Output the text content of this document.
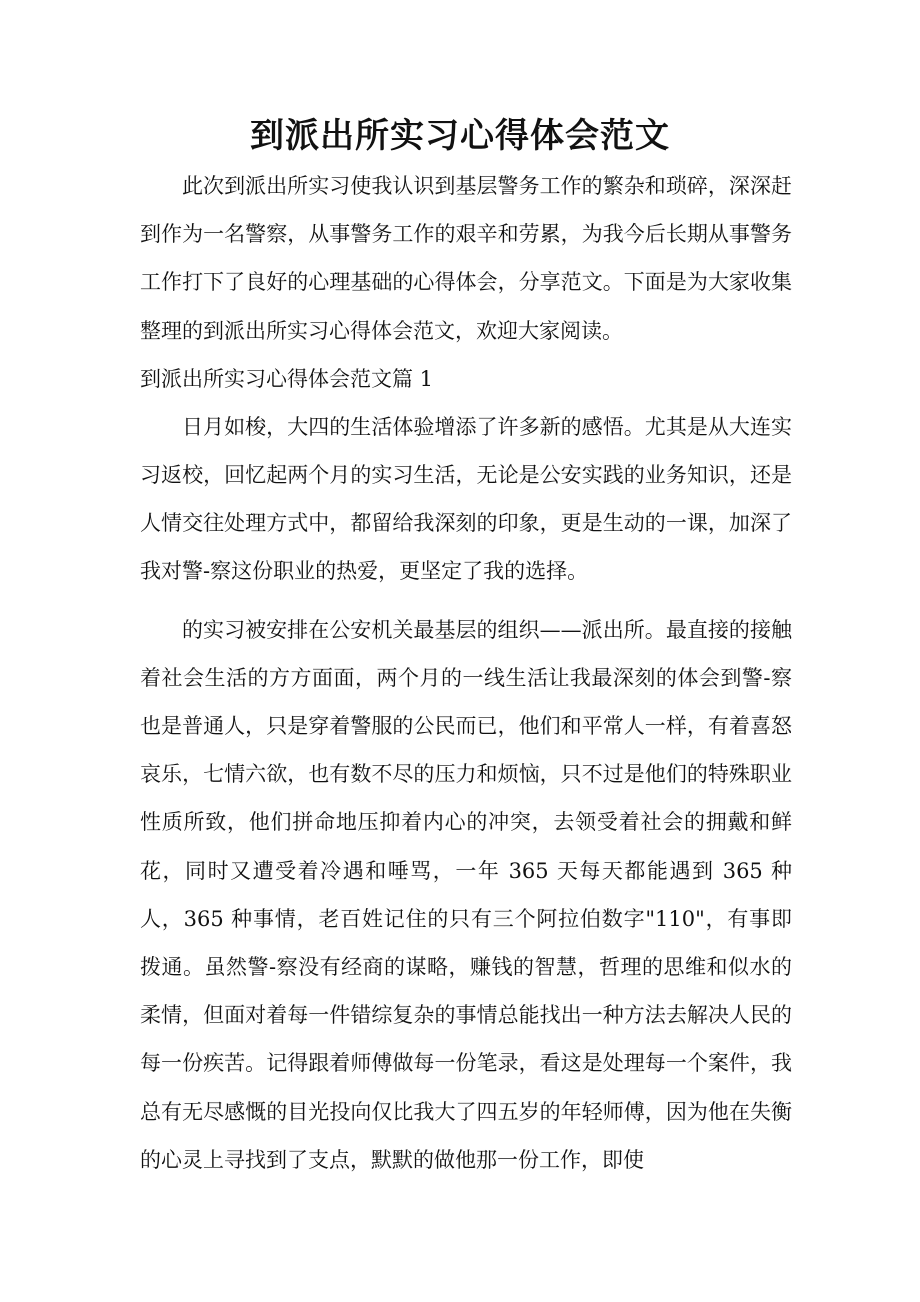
到派出所实习心得体会范文

此次到派出所实习使我认识到基层警务工作的繁杂和琐碎，深深赶到作为一名警察，从事警务工作的艰辛和劳累，为我今后长期从事警务工作打下了良好的心理基础的心得体会，分享范文。下面是为大家收集整理的到派出所实习心得体会范文，欢迎大家阅读。

到派出所实习心得体会范文篇 1

日月如梭，大四的生活体验增添了许多新的感悟。尤其是从大连实习返校，回忆起两个月的实习生活，无论是公安实践的业务知识，还是人情交往处理方式中，都留给我深刻的印象，更是生动的一课，加深了我对警-察这份职业的热爱，更坚定了我的选择。

的实习被安排在公安机关最基层的组织——派出所。最直接的接触着社会生活的方方面面，两个月的一线生活让我最深刻的体会到警-察也是普通人，只是穿着警服的公民而已，他们和平常人一样，有着喜怒哀乐，七情六欲，也有数不尽的压力和烦恼，只不过是他们的特殊职业性质所致，他们拼命地压抑着内心的冲突，去领受着社会的拥戴和鲜花，同时又遭受着冷遇和唾骂，一年 365 天每天都能遇到 365 种人，365 种事情，老百姓记住的只有三个阿拉伯数字"110"，有事即拨通。虽然警-察没有经商的谋略，赚钱的智慧，哲理的思维和似水的柔情，但面对着每一件错综复杂的事情总能找出一种方法去解决人民的每一份疾苦。记得跟着师傅做每一份笔录，看这是处理每一个案件，我总有无尽感慨的目光投向仅比我大了四五岁的年轻师傅，因为他在失衡的心灵上寻找到了支点，默默的做他那一份工作，即使
